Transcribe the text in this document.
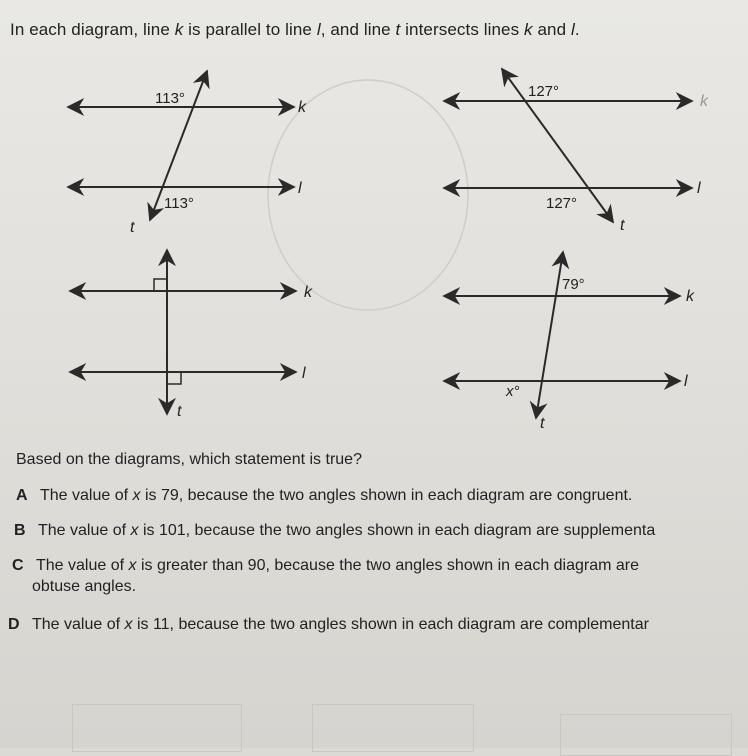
In each diagram, line k is parallel to line l, and line t intersects lines k and l.
113°
113°
k
l
t
127°
127°
k
l
t
k
l
t
79°
x°
k
l
t
Based on the diagrams, which statement is true?
A The value of x is 79, because the two angles shown in each diagram are congruent.
B The value of x is 101, because the two angles shown in each diagram are supplementa
C The value of x is greater than 90, because the two angles shown in each diagram are
obtuse angles.
D The value of x is 11, because the two angles shown in each diagram are complementar
